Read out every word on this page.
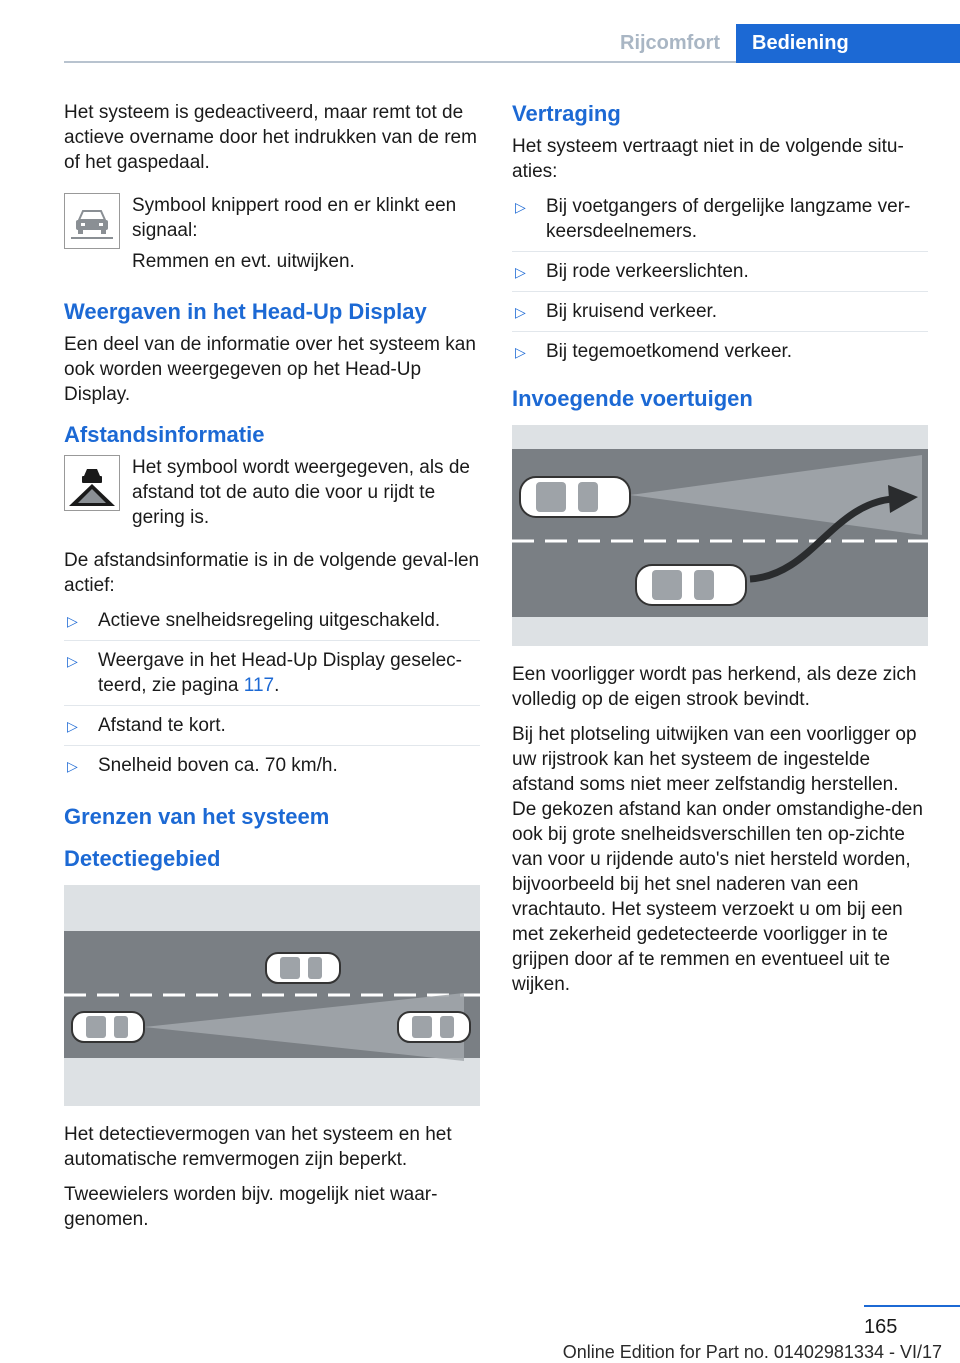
Rijcomfort	Bediening

Het systeem is gedeactiveerd, maar remt tot de actieve overname door het indrukken van de rem of het gaspedaal.

Symbool knippert rood en er klinkt een signaal:

Remmen en evt. uitwijken.

Weergaven in het Head-Up Display

Een deel van de informatie over het systeem kan ook worden weergegeven op het Head-Up Display.

Afstandsinformatie

Het symbool wordt weergegeven, als de afstand tot de auto die voor u rijdt te gering is.

De afstandsinformatie is in de volgende geval-len actief:

▷ Actieve snelheidsregeling uitgeschakeld.
▷ Weergave in het Head-Up Display geselec-teerd, zie pagina 117.
▷ Afstand te kort.
▷ Snelheid boven ca. 70 km/h.
Grenzen van het systeem
Detectiegebied

Het detectievermogen van het systeem en het automatische remvermogen zijn beperkt.

Tweewielers worden bijv. mogelijk niet waar-genomen.

Vertraging

Het systeem vertraagt niet in de volgende situ-aties:

▷ Bij voetgangers of dergelijke langzame ver-keersdeelnemers.
▷ Bij rode verkeerslichten.
▷ Bij kruisend verkeer.
▷ Bij tegemoetkomend verkeer.
Invoegende voertuigen

Een voorligger wordt pas herkend, als deze zich volledig op de eigen strook bevindt.

Bij het plotseling uitwijken van een voorligger op uw rijstrook kan het systeem de ingestelde afstand soms niet meer zelfstandig herstellen. De gekozen afstand kan onder omstandighe-den ook bij grote snelheidsverschillen ten op-zichte van voor u rijdende auto's niet hersteld worden, bijvoorbeeld bij het snel naderen van een vrachtauto. Het systeem verzoekt u om bij een met zekerheid gedetecteerde voorligger in te grijpen door af te remmen en eventueel uit te wijken.

165
Online Edition for Part no. 01402981334 - VI/17
